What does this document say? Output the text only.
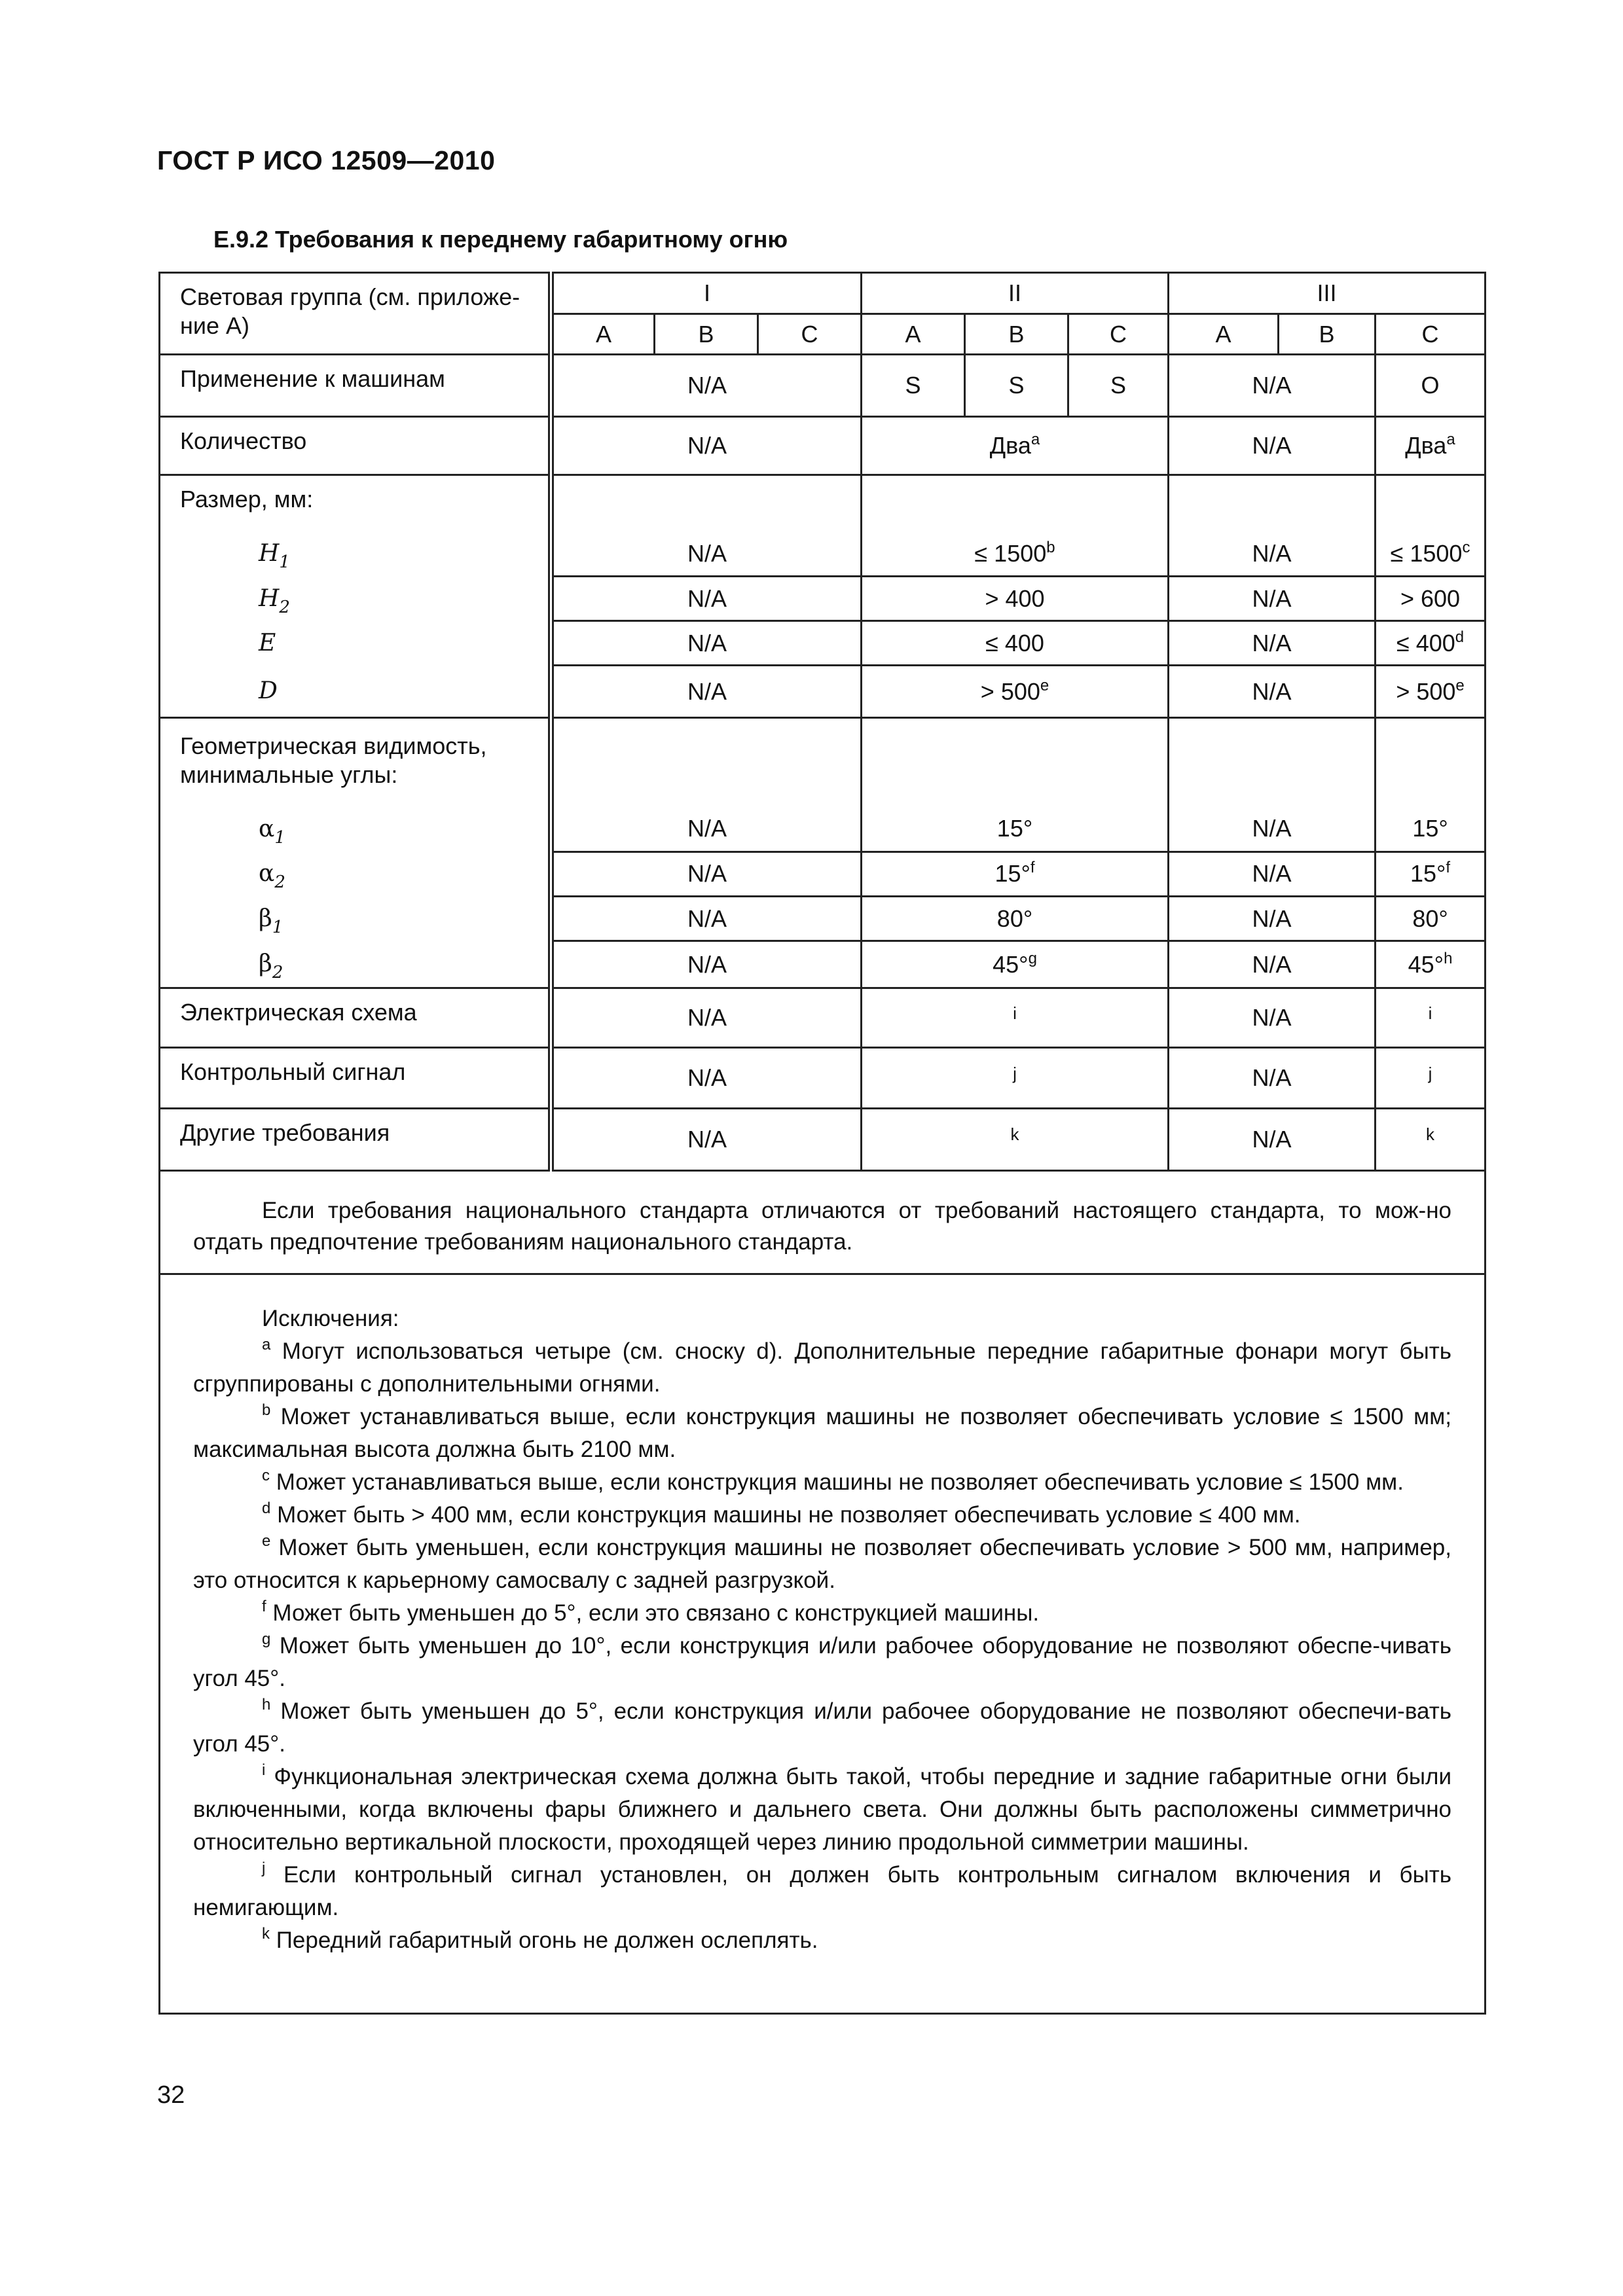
ГОСТ Р ИСО 12509—2010
Е.9.2 Требования к переднему габаритному огню
Световая группа (см. приложе-ние А)	I			II			III		
	A	B	C	A	B	C	A	B	C
Применение к машинам	N/A			S	S	S	N/A		O
Количество	N/A			Два$^a$			N/A		Два$^a$
Размер, мм:									

$H_1$	N/A			≤ $1500^b$			N/A		≤ $1500^c$

$H_2$	N/A			> 400			N/A		> 600

E	N/A			≤ 400			N/A		≤ $400^d$

D	N/A			> $500^e$			N/A		> $500^e$
Геометрическая видимость, минимальные углы:									

$\alpha_1$	N/A			15°			N/A		15°

$\alpha_2$	N/A			15°$^f$			N/A		15°$^f$

$\beta_1$	N/A			80°			N/A		80°

$\beta_2$	N/A			45°$^g$			N/A		45°$^h$
Электрическая схема	N/A			$^i$			N/A		$^i$
Контрольный сигнал	N/A			$^j$			N/A		$^j$
Другие требования	N/A			$^k$			N/A		$^k$

Если требования национального стандарта отличаются от требований настоящего стандарта, то мож-но отдать предпочтение требованиям национального стандарта.

Исключения:

$^a$ Могут использоваться четыре (см. сноску d). Дополнительные передние габаритные фонари могут быть сгруппированы с дополнительными огнями.

$^b$ Может устанавливаться выше, если конструкция машины не позволяет обеспечивать условие ≤ 1500 мм; максимальная высота должна быть 2100 мм.

$^c$ Может устанавливаться выше, если конструкция машины не позволяет обеспечивать условие ≤ 1500 мм.

$^d$ Может быть > 400 мм, если конструкция машины не позволяет обеспечивать условие ≤ 400 мм.

$^e$ Может быть уменьшен, если конструкция машины не позволяет обеспечивать условие > 500 мм, например, это относится к карьерному самосвалу с задней разгрузкой.

$^f$ Может быть уменьшен до 5°, если это связано с конструкцией машины.

$^g$ Может быть уменьшен до 10°, если конструкция и/или рабочее оборудование не позволяют обеспе-чивать угол 45°.

$^h$ Может быть уменьшен до 5°, если конструкция и/или рабочее оборудование не позволяют обеспечи-вать угол 45°.

$^i$ Функциональная электрическая схема должна быть такой, чтобы передние и задние габаритные огни были включенными, когда включены фары ближнего и дальнего света. Они должны быть расположены симметрично относительно вертикальной плоскости, проходящей через линию продольной симметрии машины.

$^j$ Если контрольный сигнал установлен, он должен быть контрольным сигналом включения и быть немигающим.

$^k$ Передний габаритный огонь не должен ослеплять.

32
